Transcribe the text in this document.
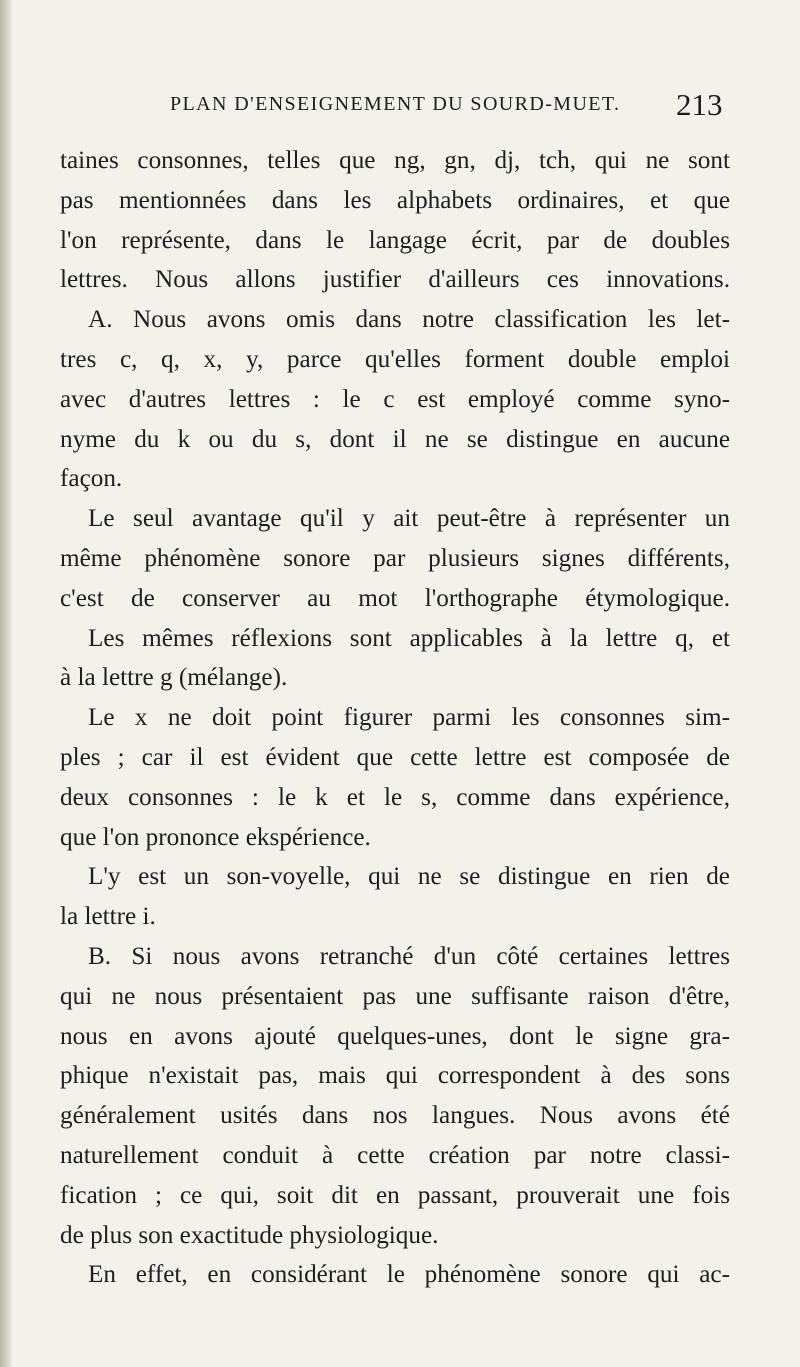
PLAN D'ENSEIGNEMENT DU SOURD-MUET. 213
taines consonnes, telles que ng, gn, dj, tch, qui ne sont
pas mentionnées dans les alphabets ordinaires, et que
l'on représente, dans le langage écrit, par de doubles
lettres. Nous allons justifier d'ailleurs ces innovations.
A. Nous avons omis dans notre classification les let-
tres c, q, x, y, parce qu'elles forment double emploi
avec d'autres lettres : le c est employé comme syno-
nyme du k ou du s, dont il ne se distingue en aucune
façon.
Le seul avantage qu'il y ait peut-être à représenter un
même phénomène sonore par plusieurs signes différents,
c'est de conserver au mot l'orthographe étymologique.
Les mêmes réflexions sont applicables à la lettre q, et
à la lettre g (mélange).
Le x ne doit point figurer parmi les consonnes sim-
ples ; car il est évident que cette lettre est composée de
deux consonnes : le k et le s, comme dans expérience,
que l'on prononce ekspérience.
L'y est un son-voyelle, qui ne se distingue en rien de
la lettre i.
B. Si nous avons retranché d'un côté certaines lettres
qui ne nous présentaient pas une suffisante raison d'être,
nous en avons ajouté quelques-unes, dont le signe gra-
phique n'existait pas, mais qui correspondent à des sons
généralement usités dans nos langues. Nous avons été
naturellement conduit à cette création par notre classi-
fication ; ce qui, soit dit en passant, prouverait une fois
de plus son exactitude physiologique.
En effet, en considérant le phénomène sonore qui ac-
